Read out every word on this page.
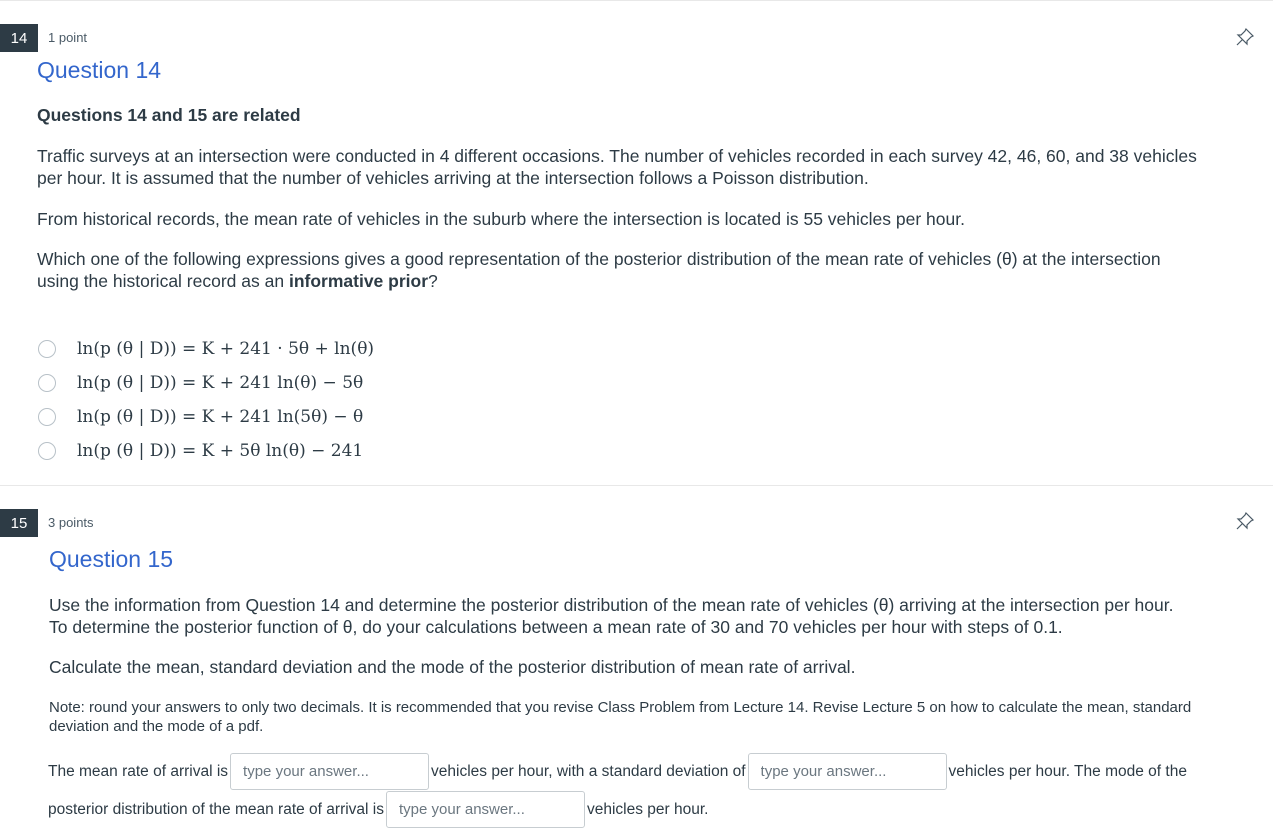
14	1 point
Question 14

Questions 14 and 15 are related

Traffic surveys at an intersection were conducted in 4 different occasions. The number of vehicles recorded in each survey 42, 46, 60, and 38 vehicles

per hour. It is assumed that the number of vehicles arriving at the intersection follows a Poisson distribution.

From historical records, the mean rate of vehicles in the suburb where the intersection is located is 55 vehicles per hour.

Which one of the following expressions gives a good representation of the posterior distribution of the mean rate of vehicles (θ) at the intersection

using the historical record as an informative prior?

ln(p (θ | D)) = K + 241 · 5θ + ln(θ)
ln(p (θ | D)) = K + 241 ln(θ) − 5θ
ln(p (θ | D)) = K + 241 ln(5θ) − θ
ln(p (θ | D)) = K + 5θ ln(θ) − 241
15	3 points
Question 15

Use the information from Question 14 and determine the posterior distribution of the mean rate of vehicles (θ) arriving at the intersection per hour.

To determine the posterior function of θ, do your calculations between a mean rate of 30 and 70 vehicles per hour with steps of 0.1.

Calculate the mean, standard deviation and the mode of the posterior distribution of mean rate of arrival.

Note: round your answers to only two decimals. It is recommended that you revise Class Problem from Lecture 14. Revise Lecture 5 on how to calculate the mean, standard

deviation and the mode of a pdf.

The mean rate of arrival is
type your answer...	vehicles per hour, with a standard deviation of
type your answer...	vehicles per hour. The mode of the
posterior distribution of the mean rate of arrival is
type your answer...	vehicles per hour.
